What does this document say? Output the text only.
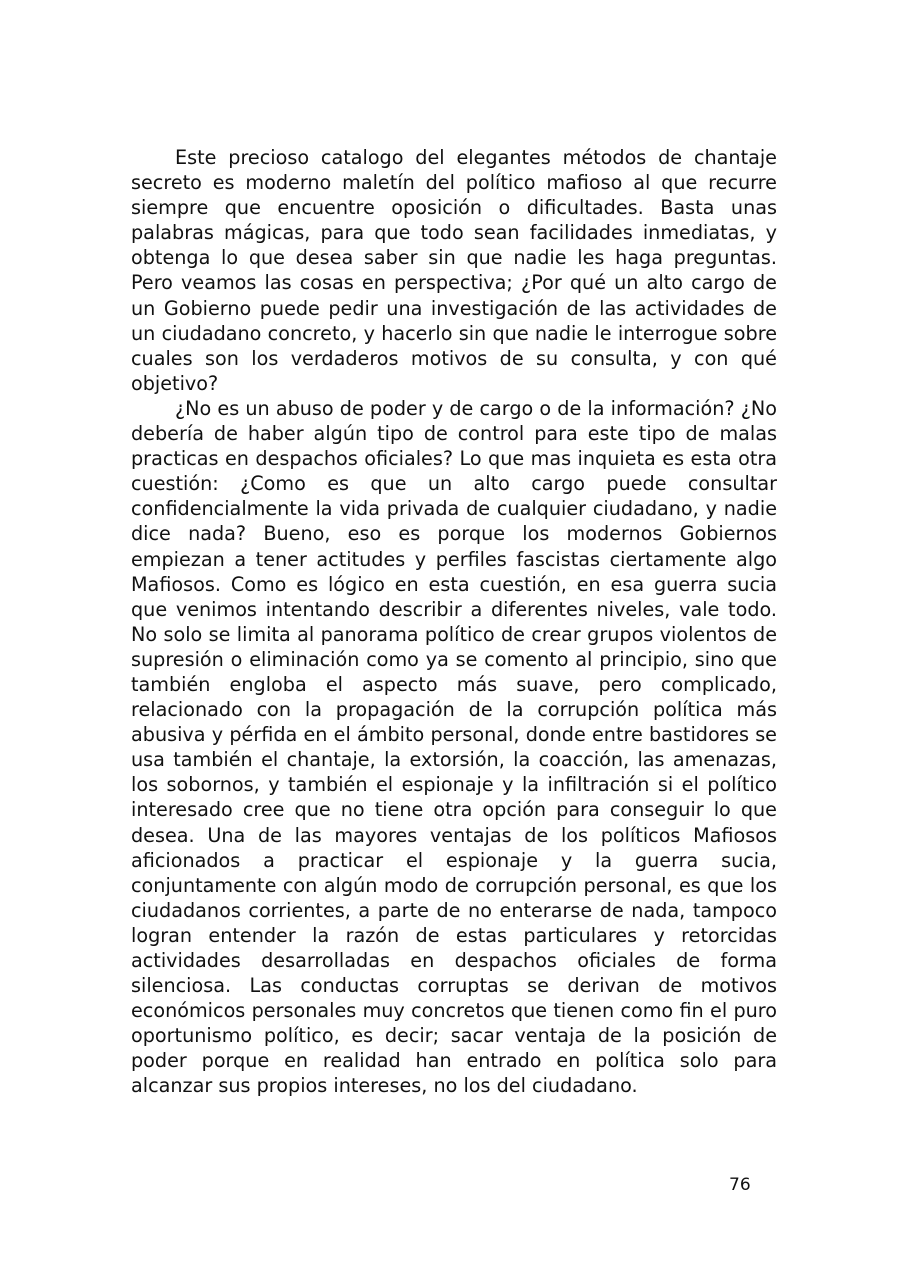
Este precioso catalogo del elegantes métodos de chantaje secreto es moderno maletín del político mafioso al que recurre siempre que encuentre oposición o dificultades. Basta unas palabras mágicas, para que todo sean facilidades inmediatas, y obtenga lo que desea saber sin que nadie les haga preguntas. Pero veamos las cosas en perspectiva; ¿Por qué un alto cargo de un Gobierno puede pedir una investigación de las actividades de un ciudadano concreto, y hacerlo sin que nadie le interrogue sobre cuales son los verdaderos motivos de su consulta, y con qué objetivo?

¿No es un abuso de poder y de cargo o de la información? ¿No debería de haber algún tipo de control para este tipo de malas practicas en despachos oficiales? Lo que mas inquieta es esta otra cuestión: ¿Como es que un alto cargo puede consultar confidencialmente la vida privada de cualquier ciudadano, y nadie dice nada? Bueno, eso es porque los modernos Gobiernos empiezan a tener actitudes y perfiles fascistas ciertamente algo Mafiosos. Como es lógico en esta cuestión, en esa guerra sucia que venimos intentando describir a diferentes niveles, vale todo. No solo se limita al panorama político de crear grupos violentos de supresión o eliminación como ya se comento al principio, sino que también engloba el aspecto más suave, pero complicado, relacionado con la propagación de la corrupción política más abusiva y pérfida en el ámbito personal, donde entre bastidores se usa también el chantaje, la extorsión, la coacción, las amenazas, los sobornos, y también el espionaje y la infiltración si el político interesado cree que no tiene otra opción para conseguir lo que desea. Una de las mayores ventajas de los políticos Mafiosos aficionados a practicar el espionaje y la guerra sucia, conjuntamente con algún modo de corrupción personal, es que los ciudadanos corrientes, a parte de no enterarse de nada, tampoco logran entender la razón de estas particulares y retorcidas actividades desarrolladas en despachos oficiales de forma silenciosa. Las conductas corruptas se derivan de motivos económicos personales muy concretos que tienen como fin el puro oportunismo político, es decir; sacar ventaja de la posición de poder porque en realidad han entrado en política solo para alcanzar sus propios intereses, no los del ciudadano.

76
